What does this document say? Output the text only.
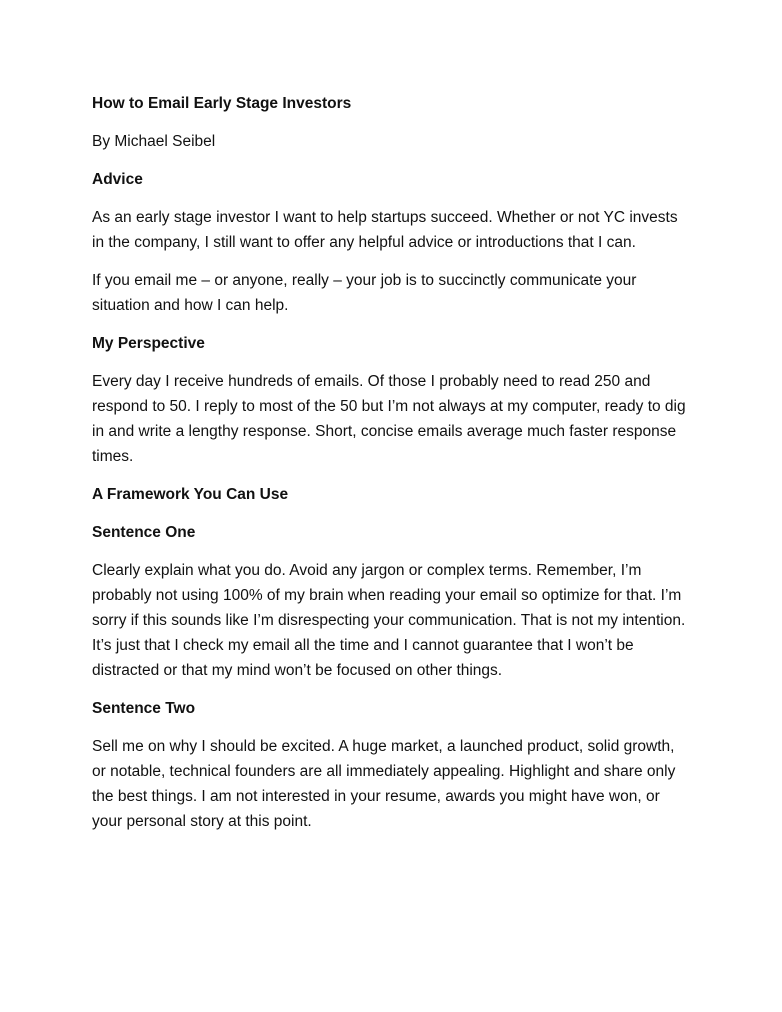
How to Email Early Stage Investors

By Michael Seibel

Advice

As an early stage investor I want to help startups succeed. Whether or not YC invests in the company, I still want to offer any helpful advice or introductions that I can.

If you email me – or anyone, really – your job is to succinctly communicate your situation and how I can help.

My Perspective

Every day I receive hundreds of emails. Of those I probably need to read 250 and respond to 50. I reply to most of the 50 but I’m not always at my computer, ready to dig in and write a lengthy response. Short, concise emails average much faster response times.

A Framework You Can Use

Sentence One

Clearly explain what you do. Avoid any jargon or complex terms. Remember, I’m probably not using 100% of my brain when reading your email so optimize for that. I’m sorry if this sounds like I’m disrespecting your communication. That is not my intention. It’s just that I check my email all the time and I cannot guarantee that I won’t be distracted or that my mind won’t be focused on other things.

Sentence Two

Sell me on why I should be excited. A huge market, a launched product, solid growth, or notable, technical founders are all immediately appealing. Highlight and share only the best things. I am not interested in your resume, awards you might have won, or your personal story at this point.
